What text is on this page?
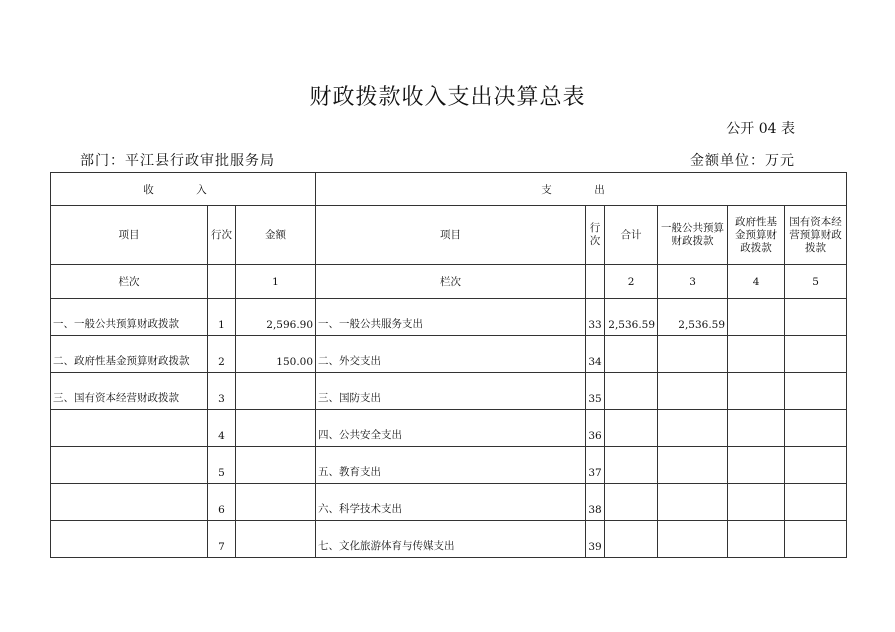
财政拨款收入支出决算总表
公开 04 表
部门：平江县行政审批服务局	金额单位：万元
收　入			支　出					
项目	行次	金额	项目	行次	合计	一般公共预算财政拨款	政府性基金预算财政拨款	国有资本经营预算财政拨款
栏次		1	栏次		2	3	4	5
一、一般公共预算财政拨款	1	2,596.90	一、一般公共服务支出	33	2,536.59	2,536.59		
二、政府性基金预算财政拨款	2	150.00	二、外交支出	34				
三、国有资本经营财政拨款	3		三、国防支出	35				
	4		四、公共安全支出	36				
	5		五、教育支出	37				
	6		六、科学技术支出	38				
	7		七、文化旅游体育与传媒支出	39				
